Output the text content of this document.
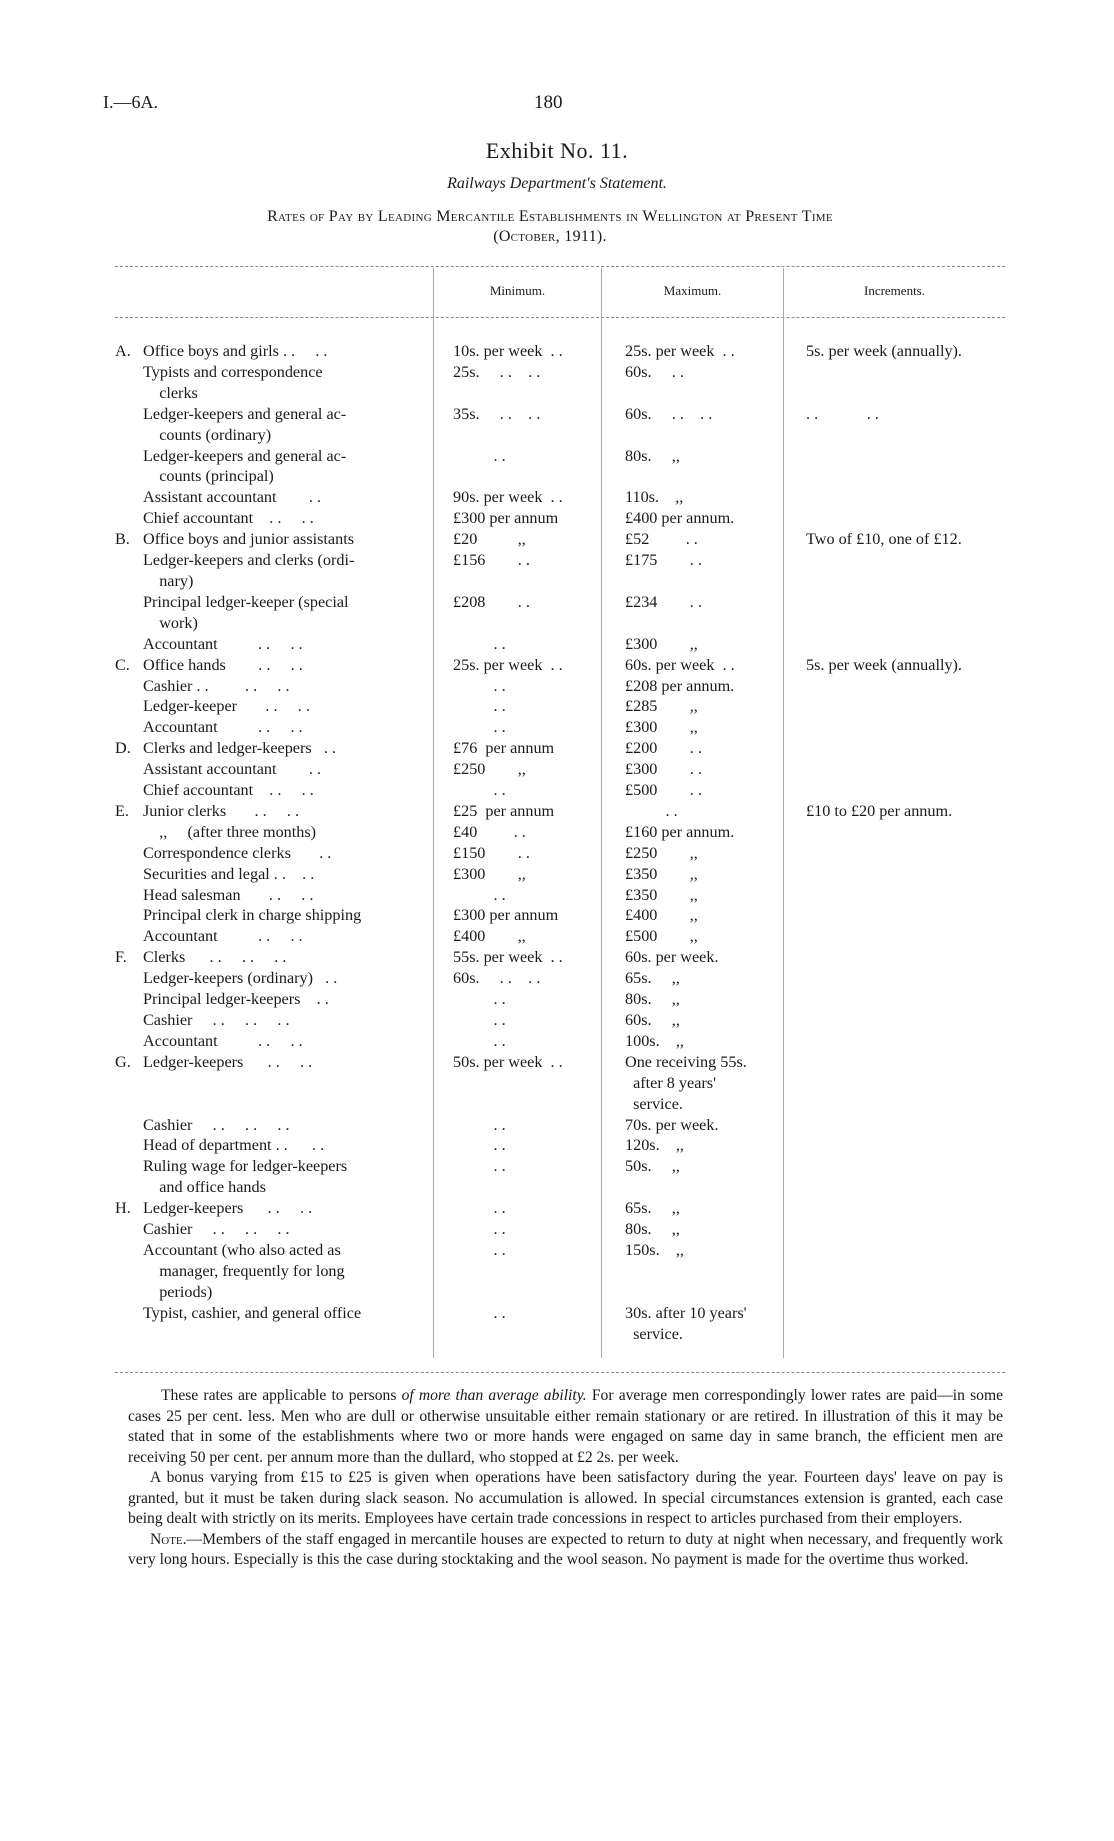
I.—6A.	180
Exhibit No. 11.
Railways Department's Statement.
Rates of Pay by Leading Mercantile Establishments in Wellington at Present Time
(October, 1911).
Minimum.	Maximum.	Increments.
A. Office boys and girls . .     . .	10s. per week  . .	25s. per week  . .	5s. per week (annually).
Typists and correspondence	25s.     . .    . .	60s.     . .
clerks
Ledger-keepers and general ac-	35s.     . .    . .	60s.     . .    . .	. .            . .
counts (ordinary)
Ledger-keepers and general ac-	. .	80s.     ,,
counts (principal)
Assistant accountant        . .	90s. per week  . .	110s.    ,,
Chief accountant    . .     . .	£300 per annum	£400 per annum.
B. Office boys and junior assistants	£20          ,,	£52         . .	Two of £10, one of £12.
Ledger-keepers and clerks (ordi-	£156        . .	£175        . .
nary)
Principal ledger-keeper (special	£208        . .	£234        . .
work)
Accountant          . .     . .	. .	£300        ,,
C. Office hands        . .     . .	25s. per week  . .	60s. per week  . .	5s. per week (annually).
Cashier . .         . .     . .	. .	£208 per annum.
Ledger-keeper       . .     . .	. .	£285        ,,
Accountant          . .     . .	. .	£300        ,,
D. Clerks and ledger-keepers   . .	£76  per annum	£200        . .
Assistant accountant        . .	£250        ,,	£300        . .
Chief accountant    . .     . .	. .	£500        . .
E. Junior clerks       . .     . .	£25  per annum	. .	£10 to £20 per annum.
,,     (after three months)	£40         . .	£160 per annum.
Correspondence clerks       . .	£150        . .	£250        ,,
Securities and legal . .    . .	£300        ,,	£350        ,,
Head salesman       . .     . .	. .	£350        ,,
Principal clerk in charge shipping	£300 per annum	£400        ,,
Accountant          . .     . .	£400        ,,	£500        ,,
F.	Clerks      . .     . .     . .	55s. per week  . .	60s. per week.
Ledger-keepers (ordinary)   . .	60s.     . .    . .	65s.     ,,
Principal ledger-keepers    . .	. .	80s.     ,,
Cashier     . .     . .     . .	. .	60s.     ,,
Accountant          . .     . .	. .	100s.    ,,
G. Ledger-keepers      . .     . .	50s. per week  . .	One receiving 55s.
after 8 years'
service.
Cashier     . .     . .     . .	. .	70s. per week.
Head of department . .      . .	. .	120s.    ,,
Ruling wage for ledger-keepers	. .	50s.     ,,
and office hands
H. Ledger-keepers      . .     . .	. .	65s.     ,,
Cashier     . .     . .     . .	. .	80s.     ,,
Accountant (who also acted as	. .	150s.    ,,
manager, frequently for long
periods)
Typist, cashier, and general office	. .	30s. after 10 years'
service.

These rates are applicable to persons of more than average ability. For average men correspondingly lower rates are paid—in some cases 25 per cent. less. Men who are dull or otherwise unsuitable either remain stationary or are retired. In illustration of this it may be stated that in some of the establishments where two or more hands were engaged on same day in same branch, the efficient men are receiving 50 per cent. per annum more than the dullard, who stopped at £2 2s. per week.

A bonus varying from £15 to £25 is given when operations have been satisfactory during the year. Fourteen days' leave on pay is granted, but it must be taken during slack season. No accumulation is allowed. In special circumstances extension is granted, each case being dealt with strictly on its merits. Employees have certain trade concessions in respect to articles purchased from their employers.

Note.—Members of the staff engaged in mercantile houses are expected to return to duty at night when necessary, and frequently work very long hours. Especially is this the case during stocktaking and the wool season. No payment is made for the overtime thus worked.
